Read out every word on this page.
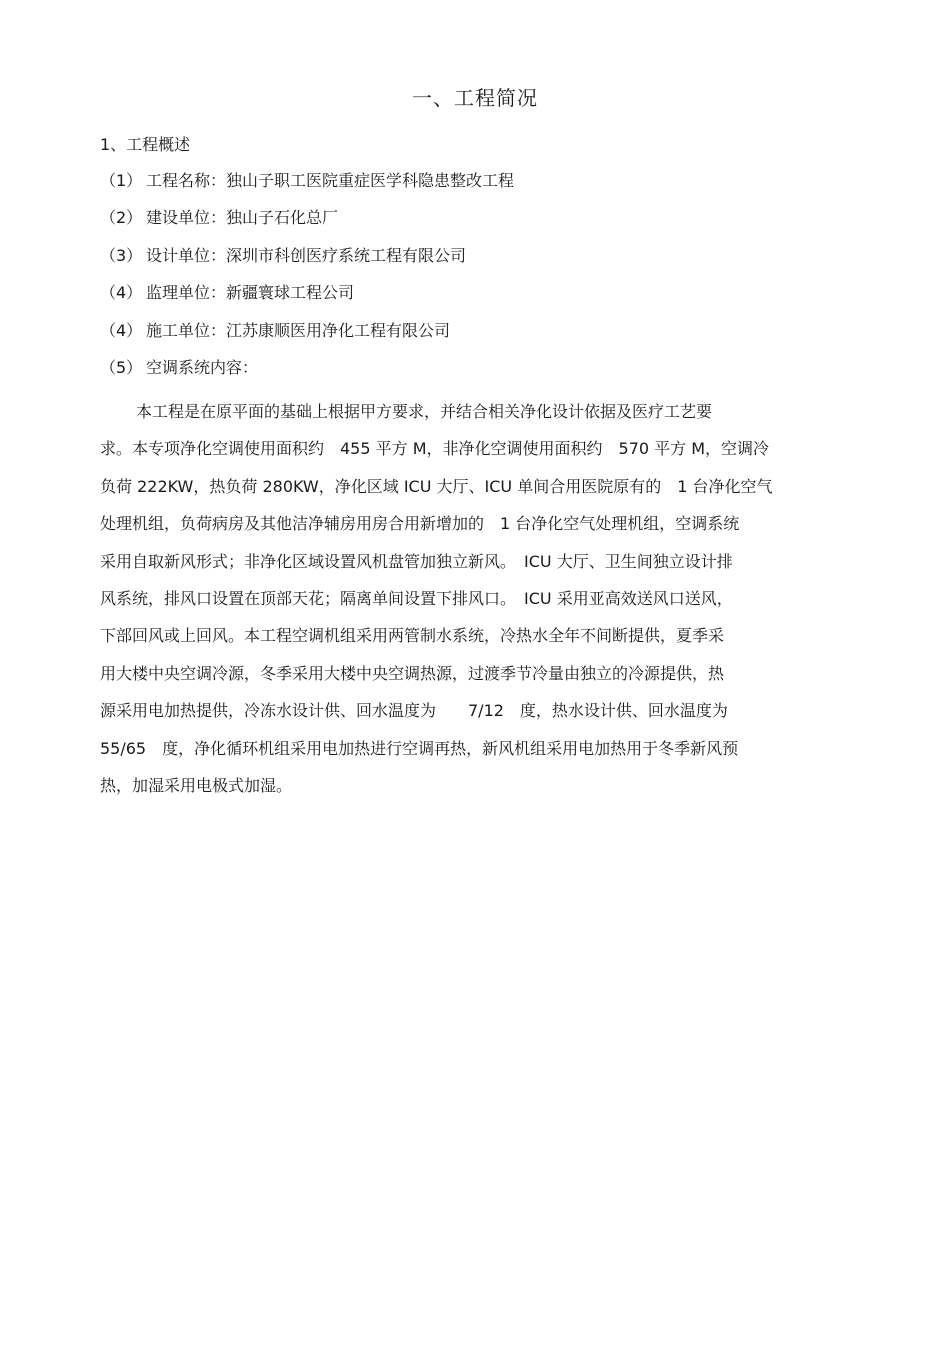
一、工程简况
1、工程概述
（1） 工程名称：独山子职工医院重症医学科隐患整改工程
（2） 建设单位：独山子石化总厂
（3） 设计单位：深圳市科创医疗系统工程有限公司
（4） 监理单位：新疆寰球工程公司
（4） 施工单位：江苏康顺医用净化工程有限公司
（5） 空调系统内容：
本工程是在原平面的基础上根据甲方要求，并结合相关净化设计依据及医疗工艺要
求。本专项净化空调使用面积约　455 平方 M，非净化空调使用面积约　570 平方 M，空调冷
负荷 222KW，热负荷 280KW，净化区域 ICU 大厅、ICU 单间合用医院原有的　1 台净化空气
处理机组，负荷病房及其他洁净辅房用房合用新增加的　1 台净化空气处理机组，空调系统
采用自取新风形式；非净化区域设置风机盘管加独立新风。　ICU 大厅、卫生间独立设计排
风系统，排风口设置在顶部天花；隔离单间设置下排风口。　ICU 采用亚高效送风口送风，
下部回风或上回风。本工程空调机组采用两管制水系统，冷热水全年不间断提供，夏季采
用大楼中央空调冷源，冬季采用大楼中央空调热源，过渡季节冷量由独立的冷源提供，热
源采用电加热提供，冷冻水设计供、回水温度为　　7/12　度，热水设计供、回水温度为
55/65　度，净化循环机组采用电加热进行空调再热，新风机组采用电加热用于冬季新风预
热，加湿采用电极式加湿。
